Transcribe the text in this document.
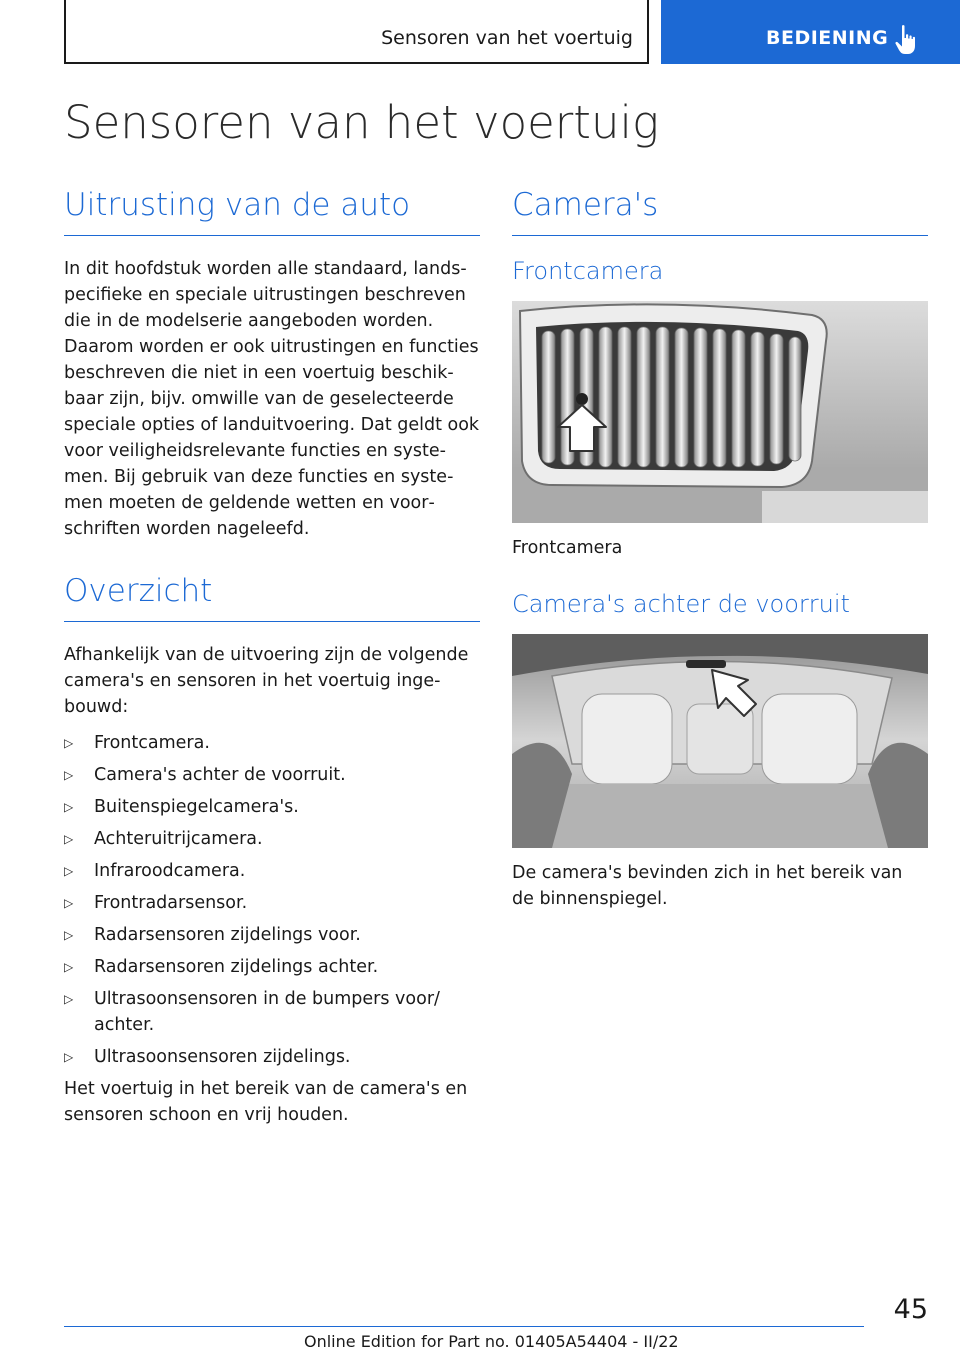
Sensoren van het voertuig	BEDIENING
Sensoren van het voertuig
Uitrusting van de auto

In dit hoofdstuk worden alle standaard, landspecifieke en speciale uitrustingen beschreven die in de modelserie aangeboden worden. Daarom worden er ook uitrustingen en functies beschreven die niet in een voertuig beschikbaar zijn, bijv. omwille van de geselecteerde speciale opties of landuitvoering. Dat geldt ook voor veiligheidsrelevante functies en systemen. Bij gebruik van deze functies en systemen moeten de geldende wetten en voorschriften worden nageleefd.

Overzicht

Afhankelijk van de uitvoering zijn de volgende camera's en sensoren in het voertuig ingebouwd:

▷ Frontcamera.
▷ Camera's achter de voorruit.
▷ Buitenspiegelcamera's.
▷ Achteruitrijcamera.
▷ Infraroodcamera.
▷ Frontradarsensor.
▷ Radarsensoren zijdelings voor.
▷ Radarsensoren zijdelings achter.
▷ Ultrasoonsensoren in de bumpers voor/ achter.
▷ Ultrasoonsensoren zijdelings.

Het voertuig in het bereik van de camera's en sensoren schoon en vrij houden.

Camera's
Frontcamera

Frontcamera

Camera's achter de voorruit

De camera's bevinden zich in het bereik van de binnenspiegel.

45
Online Edition for Part no. 01405A54404 - II/22
